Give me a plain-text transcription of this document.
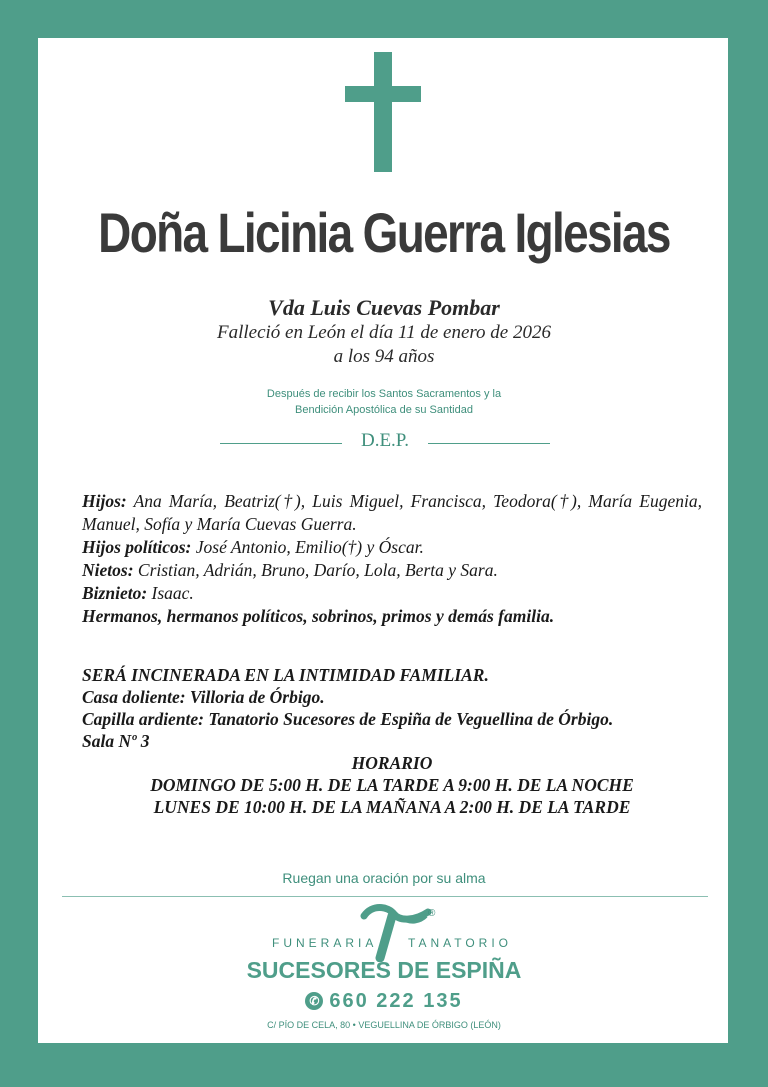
Doña Licinia Guerra Iglesias
Vda Luis Cuevas Pombar
Falleció en León el día 11 de enero de 2026
a los 94 años
Después de recibir los Santos Sacramentos y la
Bendición Apostólica de su Santidad
D.E.P.

Hijos: Ana María, Beatriz(†), Luis Miguel, Francisca, Teodora(†), María Eugenia, Manuel, Sofía y María Cuevas Guerra.

Hijos políticos: José Antonio, Emilio(†) y Óscar.

Nietos: Cristian, Adrián, Bruno, Darío, Lola, Berta y Sara.

Biznieto: Isaac.

Hermanos, hermanos políticos, sobrinos, primos y demás familia.

SERÁ INCINERADA EN LA INTIMIDAD FAMILIAR.

Casa doliente: Villoria de Órbigo.

Capilla ardiente: Tanatorio Sucesores de Espiña de Veguellina de Órbigo.

Sala Nº 3

HORARIO

DOMINGO DE 5:00 H. DE LA TARDE A 9:00 H. DE LA NOCHE

LUNES DE 10:00 H. DE LA MAÑANA A 2:00 H. DE LA TARDE

Ruegan una oración por su alma
®
FUNERARIA	TANATORIO
SUCESORES DE ESPIÑA
✆ 660 222 135
C/ PÍO DE CELA, 80 • VEGUELLINA DE ÓRBIGO (LEÓN)
